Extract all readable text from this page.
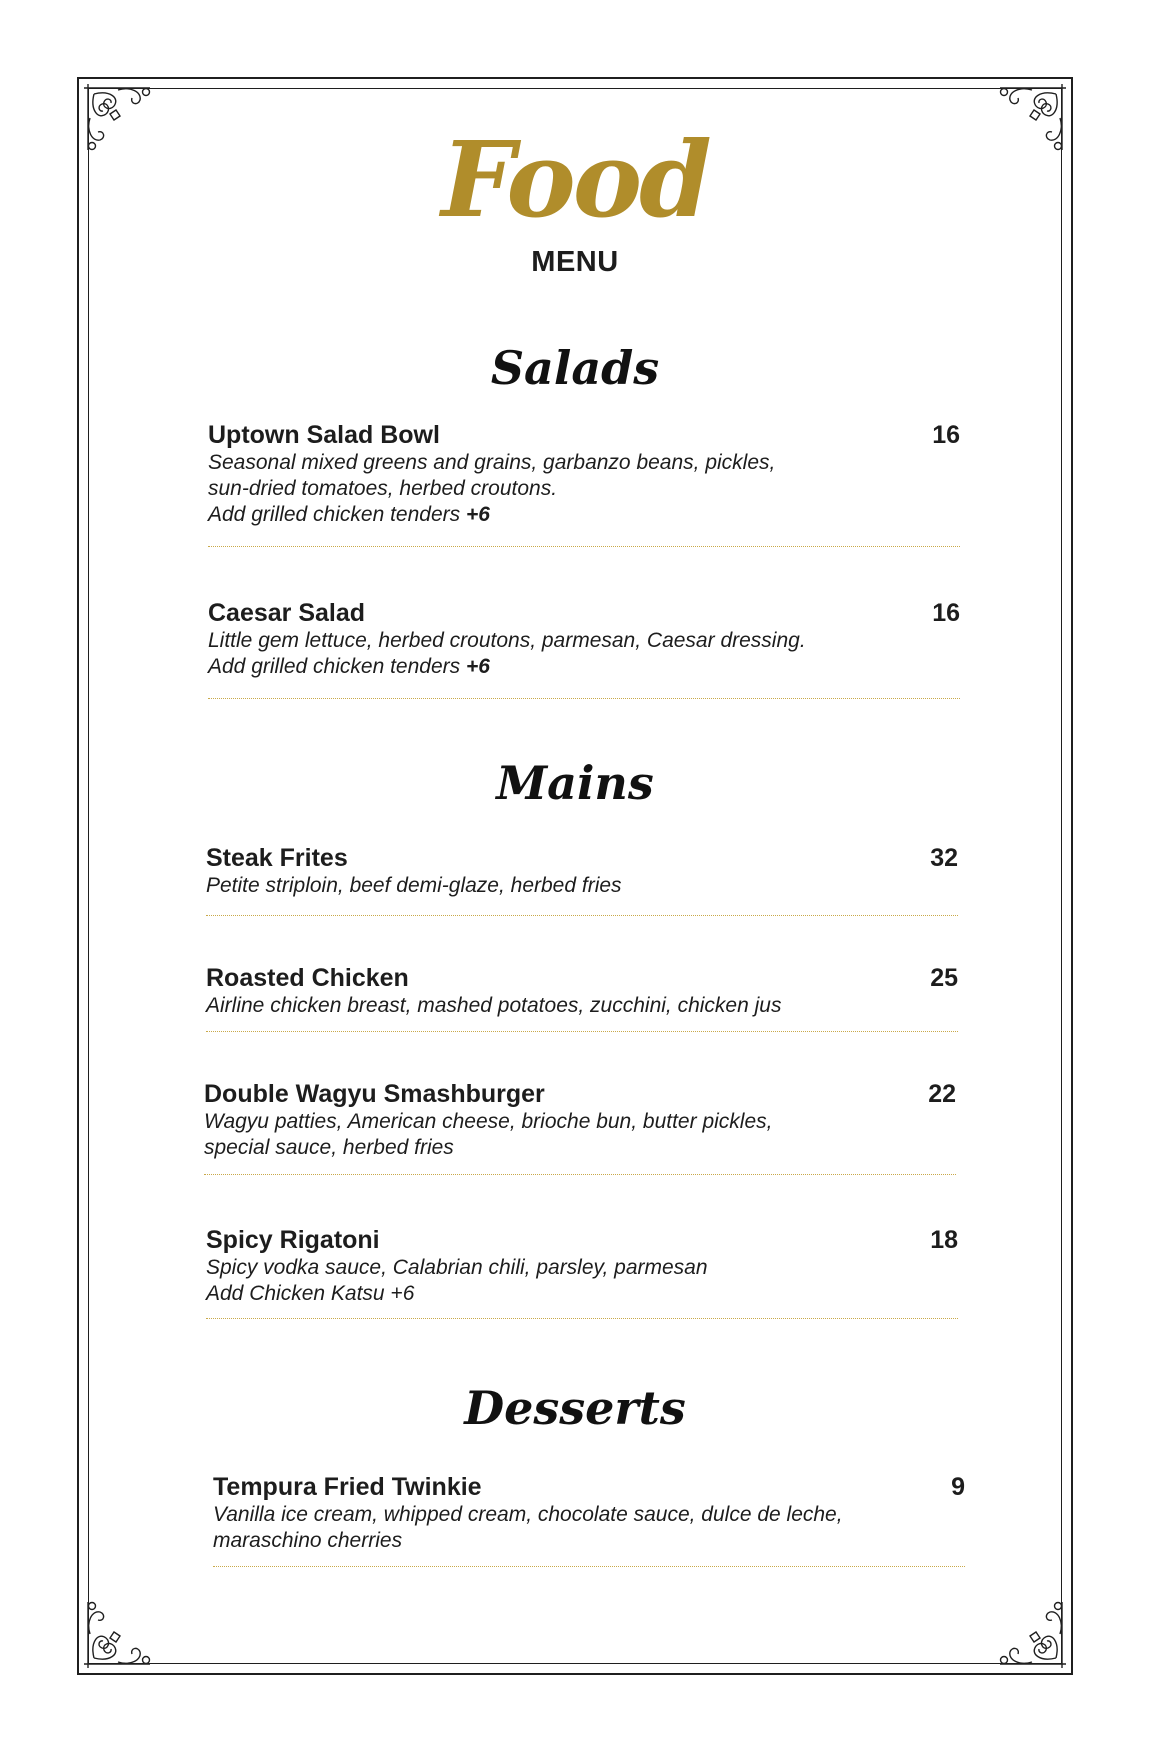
Food
MENU
Salads
Uptown Salad Bowl	16
Seasonal mixed greens and grains, garbanzo beans, pickles,
sun-dried tomatoes, herbed croutons.
Add grilled chicken tenders +6
Caesar Salad	16
Little gem lettuce, herbed croutons, parmesan, Caesar dressing.
Add grilled chicken tenders +6
Mains
Steak Frites	32
Petite striploin, beef demi-glaze, herbed fries
Roasted Chicken	25
Airline chicken breast, mashed potatoes, zucchini, chicken jus
Double Wagyu Smashburger	22
Wagyu patties, American cheese, brioche bun, butter pickles,
special sauce, herbed fries
Spicy Rigatoni	18
Spicy vodka sauce, Calabrian chili, parsley, parmesan
Add Chicken Katsu +6
Desserts
Tempura Fried Twinkie	9
Vanilla ice cream, whipped cream, chocolate sauce, dulce de leche,
maraschino cherries
